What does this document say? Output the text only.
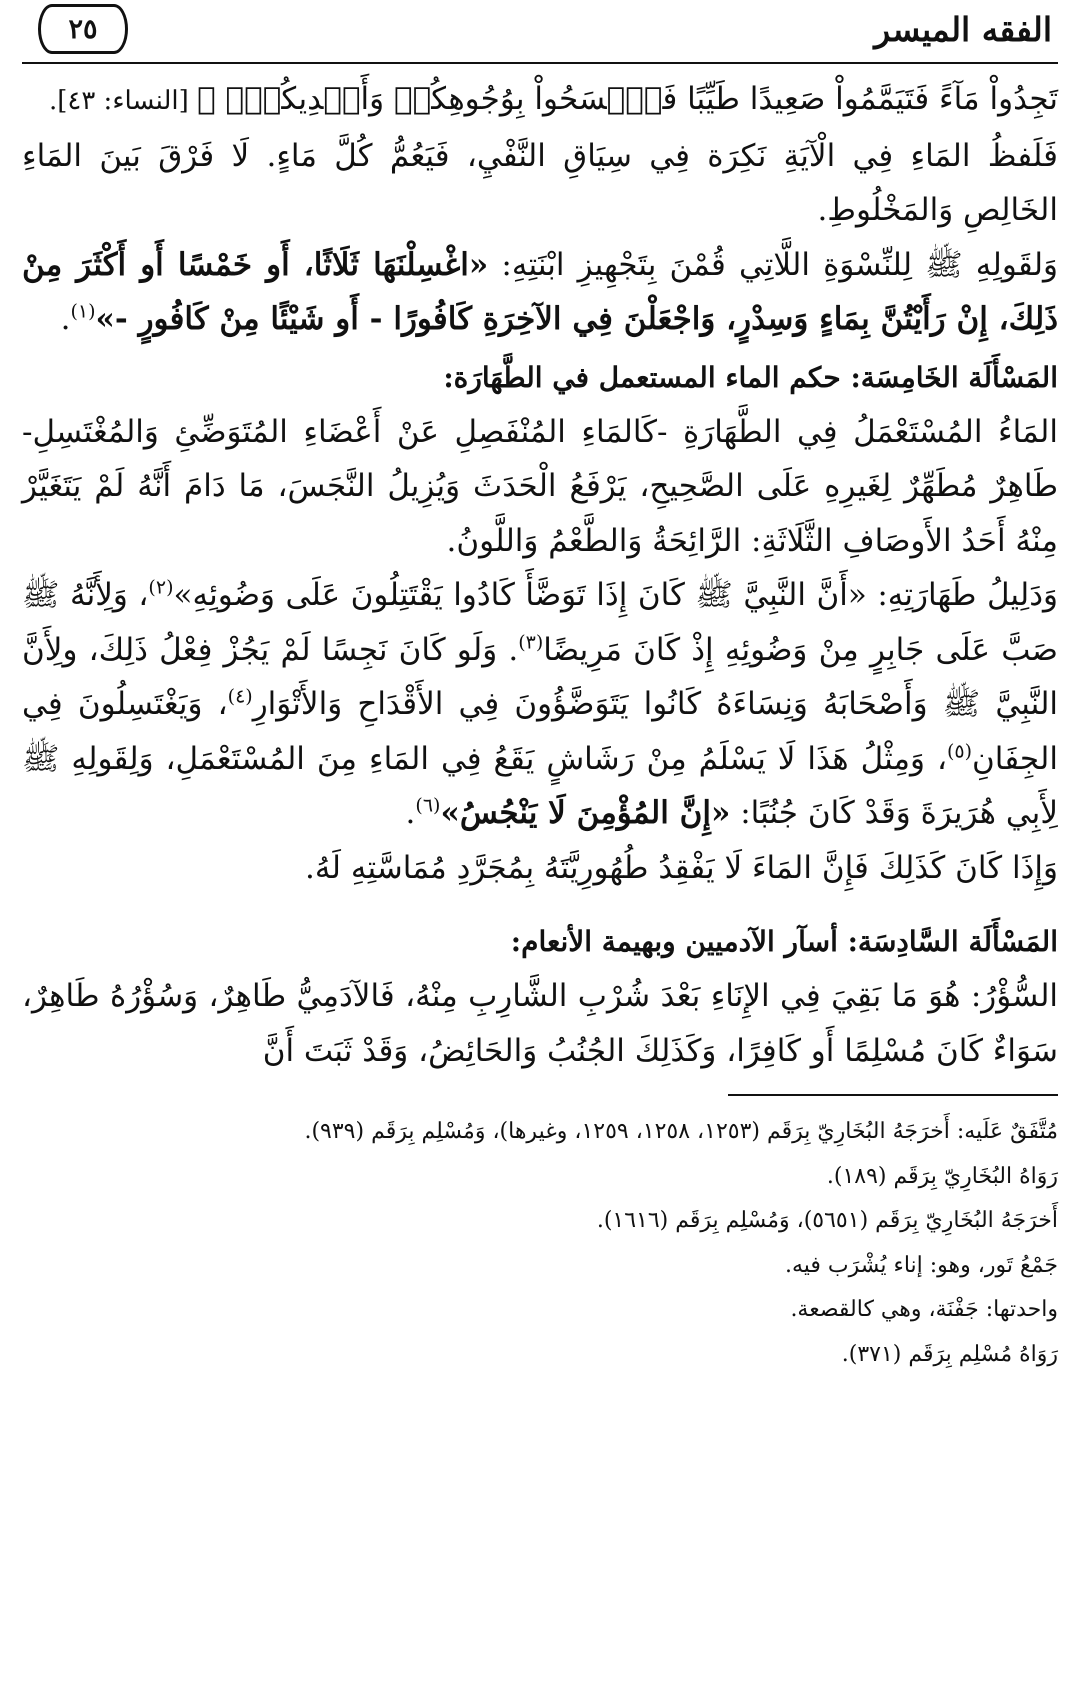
الفقه الميسر
٢٥

تَجِدُواْ مَآءً فَتَيَمَّمُواْ صَعِيدًا طَيِّبًا فَٱمۡسَحُواْ بِوُجُوهِكُمۡ وَأَيۡدِيكُمۡۚ ﴾ [النساء: ٤٣].

فَلَفظُ المَاءِ فِي الْآيَةِ نَكِرَة فِي سِيَاقِ النَّفْيِ، فَيَعُمُّ كُلَّ مَاءٍ. لَا فَرْقَ بَينَ المَاءِ الخَالِصِ وَالمَخْلُوطِ.

وَلقَولِهِ ﷺ لِلنِّسْوَةِ اللَّاتِي قُمْنَ بِتَجْهِيزِ ابْنَتِهِ: «اغْسِلْنَهَا ثَلَاثًا، أَو خَمْسًا أَو أَكْثَرَ مِنْ ذَلِكَ، إِنْ رَأَيْتُنَّ بِمَاءٍ وَسِدْرٍ، وَاجْعَلْنَ فِي الآخِرَةِ كَافُورًا - أَو شَيْئًا مِنْ كَافُورٍ -»$^{(١)}$.

المَسْأَلَة الخَامِسَة: حكم الماء المستعمل في الطَّهَارَة:

المَاءُ المُسْتَعْمَلُ فِي الطَّهَارَةِ -كَالمَاءِ المُنْفَصِلِ عَنْ أَعْضَاءِ المُتَوَضِّئِ وَالمُغْتَسِلِ- طَاهِرٌ مُطَهِّرٌ لِغَيرِهِ عَلَى الصَّحِيحِ، يَرْفَعُ الْحَدَثَ وَيُزِيلُ النَّجَسَ، مَا دَامَ أَنَّهُ لَمْ يَتَغَيَّرْ مِنْهُ أَحَدُ الأَوصَافِ الثَّلَاثَةِ: الرَّائِحَةُ وَالطَّعْمُ وَاللَّونُ.

وَدَلِيلُ طَهَارَتِهِ: «أَنَّ النَّبِيَّ ﷺ كَانَ إِذَا تَوَضَّأَ كَادُوا يَقْتَتِلُونَ عَلَى وَضُوئِهِ»$^{(٢)}$، وَلِأَنَّهُ ﷺ صَبَّ عَلَى جَابِرٍ مِنْ وَضُوئِهِ إِذْ كَانَ مَرِيضًا$^{(٣)}$. وَلَو كَانَ نَجِسًا لَمْ يَجُزْ فِعْلُ ذَلِكَ، ولِأَنَّ النَّبِيَّ ﷺ وَأَصْحَابَهُ وَنِسَاءَهُ كَانُوا يَتَوَضَّؤُونَ فِي الأَقْدَاحِ وَالأَتْوَارِ$^{(٤)}$، وَيَغْتَسِلُونَ فِي الجِفَانِ$^{(٥)}$، وَمِثْلُ هَذَا لَا يَسْلَمُ مِنْ رَشَاشٍ يَقَعُ فِي المَاءِ مِنَ المُسْتَعْمَلِ، وَلِقَولِهِ ﷺ لِأَبِي هُرَيرَةَ وَقَدْ كَانَ جُنُبًا: «إِنَّ المُؤْمِنَ لَا يَنْجُسُ»$^{(٦)}$.

وَإِذَا كَانَ كَذَلِكَ فَإِنَّ المَاءَ لَا يَفْقِدُ طُهُورِيَّتَهُ بِمُجَرَّدِ مُمَاسَّتِهِ لَهُ.

المَسْأَلَة السَّادِسَة: أسآر الآدميين وبهيمة الأنعام:

السُّؤْرُ: هُوَ مَا بَقِيَ فِي الإِنَاءِ بَعْدَ شُرْبِ الشَّارِبِ مِنْهُ، فَالآدَمِيُّ طَاهِرٌ، وَسُؤْرُهُ طَاهِرٌ، سَوَاءٌ كَانَ مُسْلِمًا أَو كَافِرًا، وَكَذَلِكَ الجُنُبُ وَالحَائِضُ، وَقَدْ ثَبَتَ أَنَّ

مُتَّفَقٌ عَلَيه: أَخرَجَهُ البُخَارِيّ بِرَقَم (١٢٥٣، ١٢٥٨، ١٢٥٩، وغيرها)، وَمُسْلِم بِرَقَم (٩٣٩).
رَوَاهُ البُخَارِيّ بِرَقَم (١٨٩).
أَخرَجَهُ البُخَارِيّ بِرَقَم (٥٦٥١)، وَمُسْلِم بِرَقَم (١٦١٦).
جَمْعُ تَور، وهو: إناء يُشْرَب فيه.
واحدتها: جَفْنَة، وهي كالقصعة.
رَوَاهُ مُسْلِم بِرَقَم (٣٧١).
